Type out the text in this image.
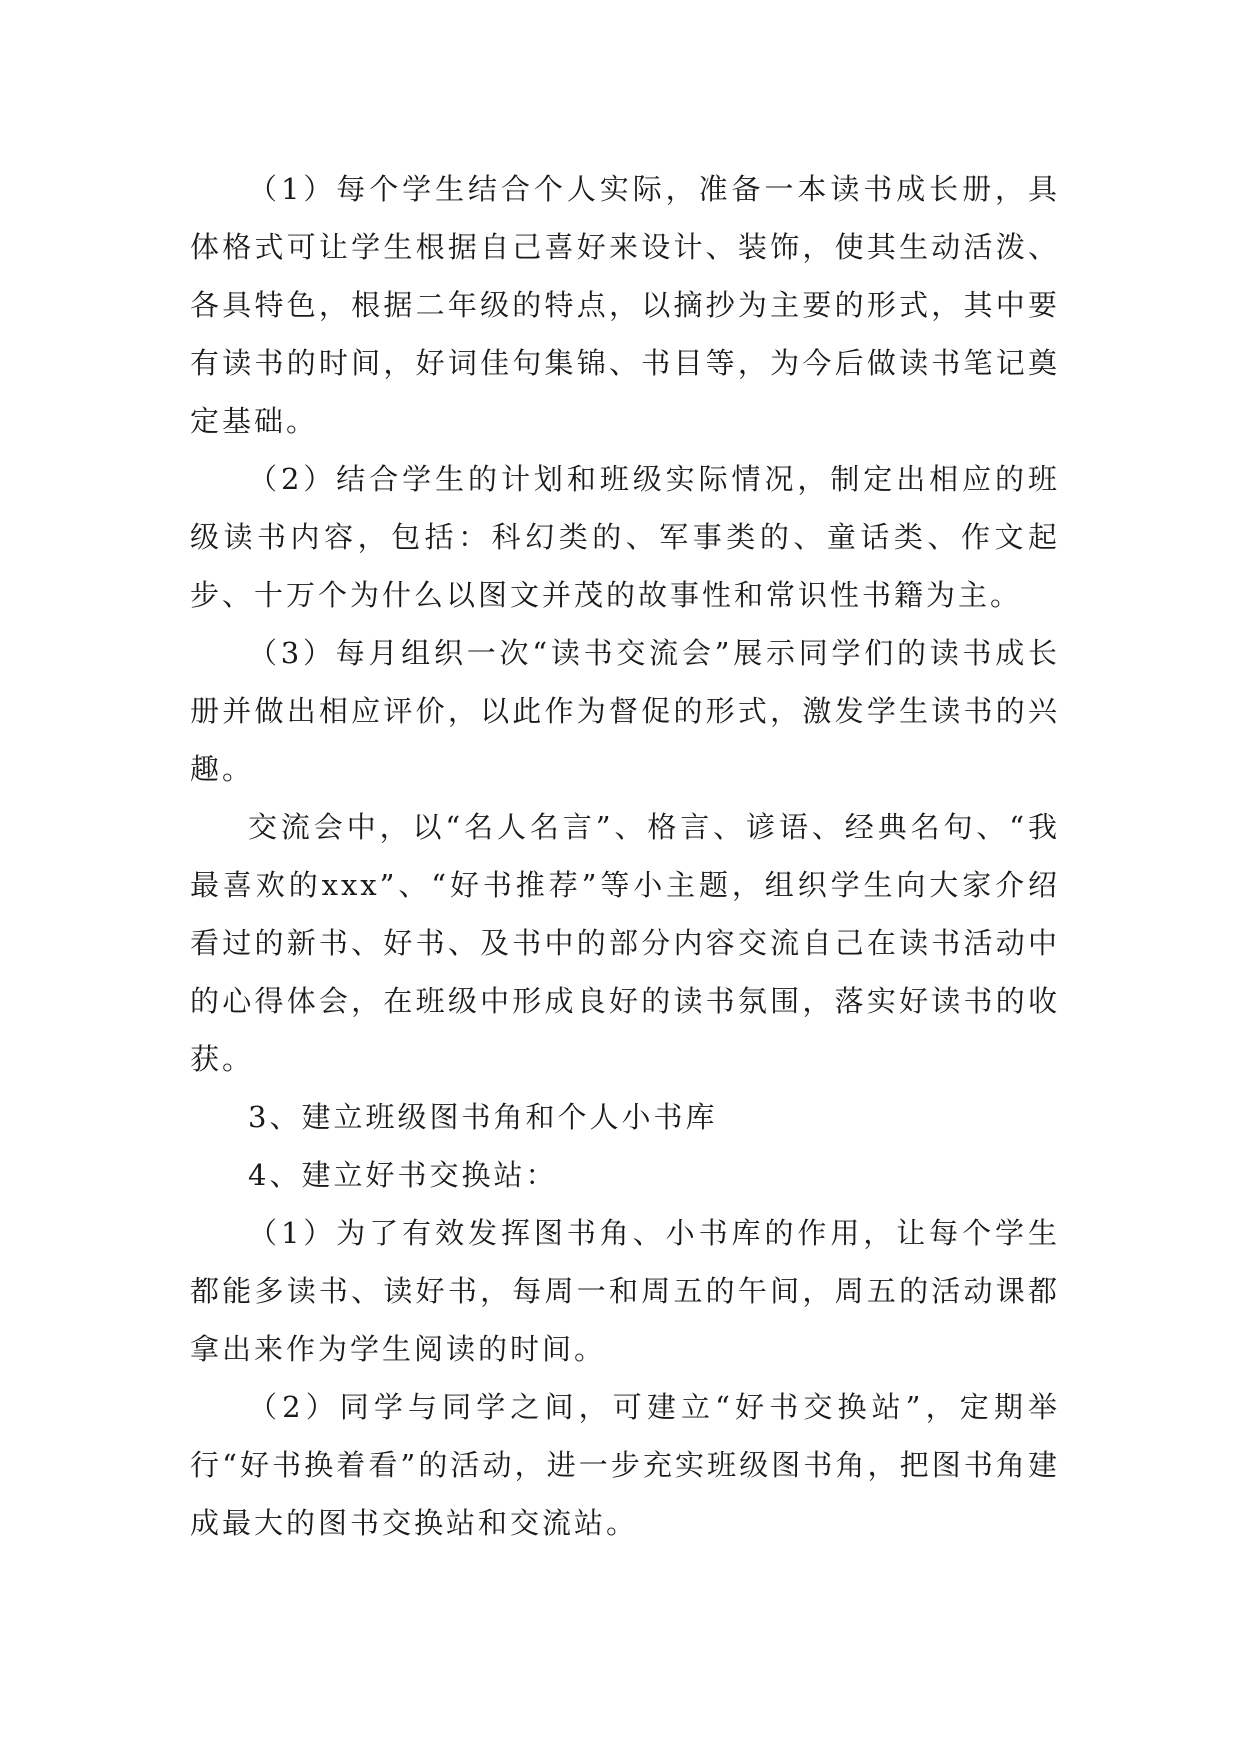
（1）每个学生结合个人实际，准备一本读书成长册，具体格式可让学生根据自己喜好来设计、装饰，使其生动活泼、各具特色，根据二年级的特点，以摘抄为主要的形式，其中要有读书的时间，好词佳句集锦、书目等，为今后做读书笔记奠定基础。

（2）结合学生的计划和班级实际情况，制定出相应的班级读书内容，包括：科幻类的、军事类的、童话类、作文起步、十万个为什么以图文并茂的故事性和常识性书籍为主。

（3）每月组织一次“读书交流会”展示同学们的读书成长册并做出相应评价，以此作为督促的形式，激发学生读书的兴趣。

交流会中，以“名人名言”、格言、谚语、经典名句、“我最喜欢的xxx”、“好书推荐”等小主题，组织学生向大家介绍看过的新书、好书、及书中的部分内容交流自己在读书活动中的心得体会，在班级中形成良好的读书氛围，落实好读书的收获。

3、建立班级图书角和个人小书库

4、建立好书交换站：

（1）为了有效发挥图书角、小书库的作用，让每个学生都能多读书、读好书，每周一和周五的午间，周五的活动课都拿出来作为学生阅读的时间。

（2）同学与同学之间，可建立“好书交换站”，定期举行“好书换着看”的活动，进一步充实班级图书角，把图书角建成最大的图书交换站和交流站。
